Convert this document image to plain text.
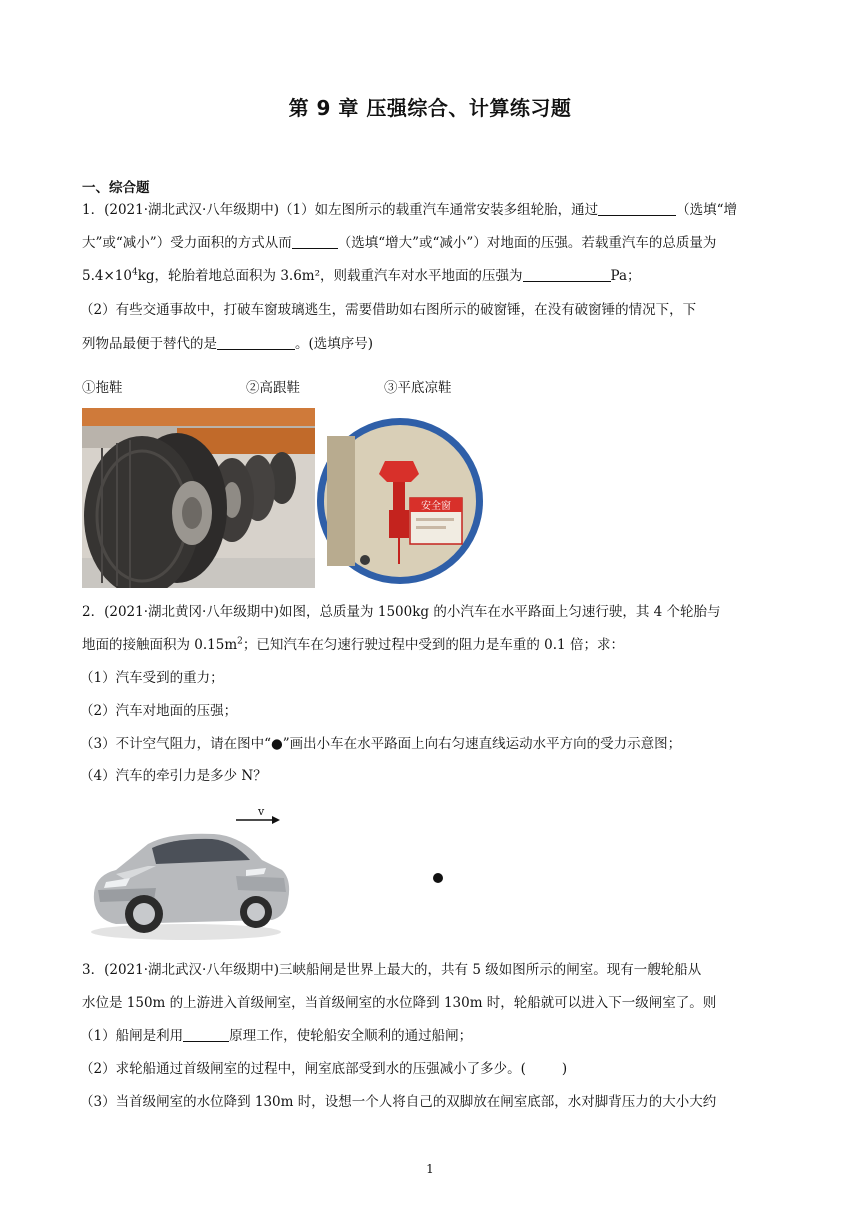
第 9 章 压强综合、计算练习题
一、综合题
1．(2021·湖北武汉·八年级期中)（1）如左图所示的载重汽车通常安装多组轮胎，通过	（选填“增
大”或“减小”）受力面积的方式从而	（选填“增大”或“减小”）对地面的压强。若载重汽车的总质量为
$5.4\times 10^4kg$，轮胎着地总面积为 3.6m²，则载重汽车对水平地面的压强为	Pa；
（2）有些交通事故中，打破车窗玻璃逃生，需要借助如右图所示的破窗锤，在没有破窗锤的情况下，下
列物品最便于替代的是	。(选填序号)
①拖鞋	②高跟鞋	③平底凉鞋
安全窗
2．(2021·湖北黄冈·八年级期中)如图，总质量为 1500kg 的小汽车在水平路面上匀速行驶，其 4 个轮胎与
地面的接触面积为 $0.15m^2$；已知汽车在匀速行驶过程中受到的阻力是车重的 0.1 倍；求：
（1）汽车受到的重力；
（2）汽车对地面的压强；
（3）不计空气阻力，请在图中“●”画出小车在水平路面上向右匀速直线运动水平方向的受力示意图；
（4）汽车的牵引力是多少 N？
v
3．(2021·湖北武汉·八年级期中)三峡船闸是世界上最大的，共有 5 级如图所示的闸室。现有一艘轮船从
水位是 150m 的上游进入首级闸室，当首级闸室的水位降到 130m 时，轮船就可以进入下一级闸室了。则
（1）船闸是利用	原理工作，使轮船安全顺利的通过船闸；
（2）求轮船通过首级闸室的过程中，闸室底部受到水的压强减小了多少。(	)
（3）当首级闸室的水位降到 130m 时，设想一个人将自己的双脚放在闸室底部，水对脚背压力的大小大约
1
